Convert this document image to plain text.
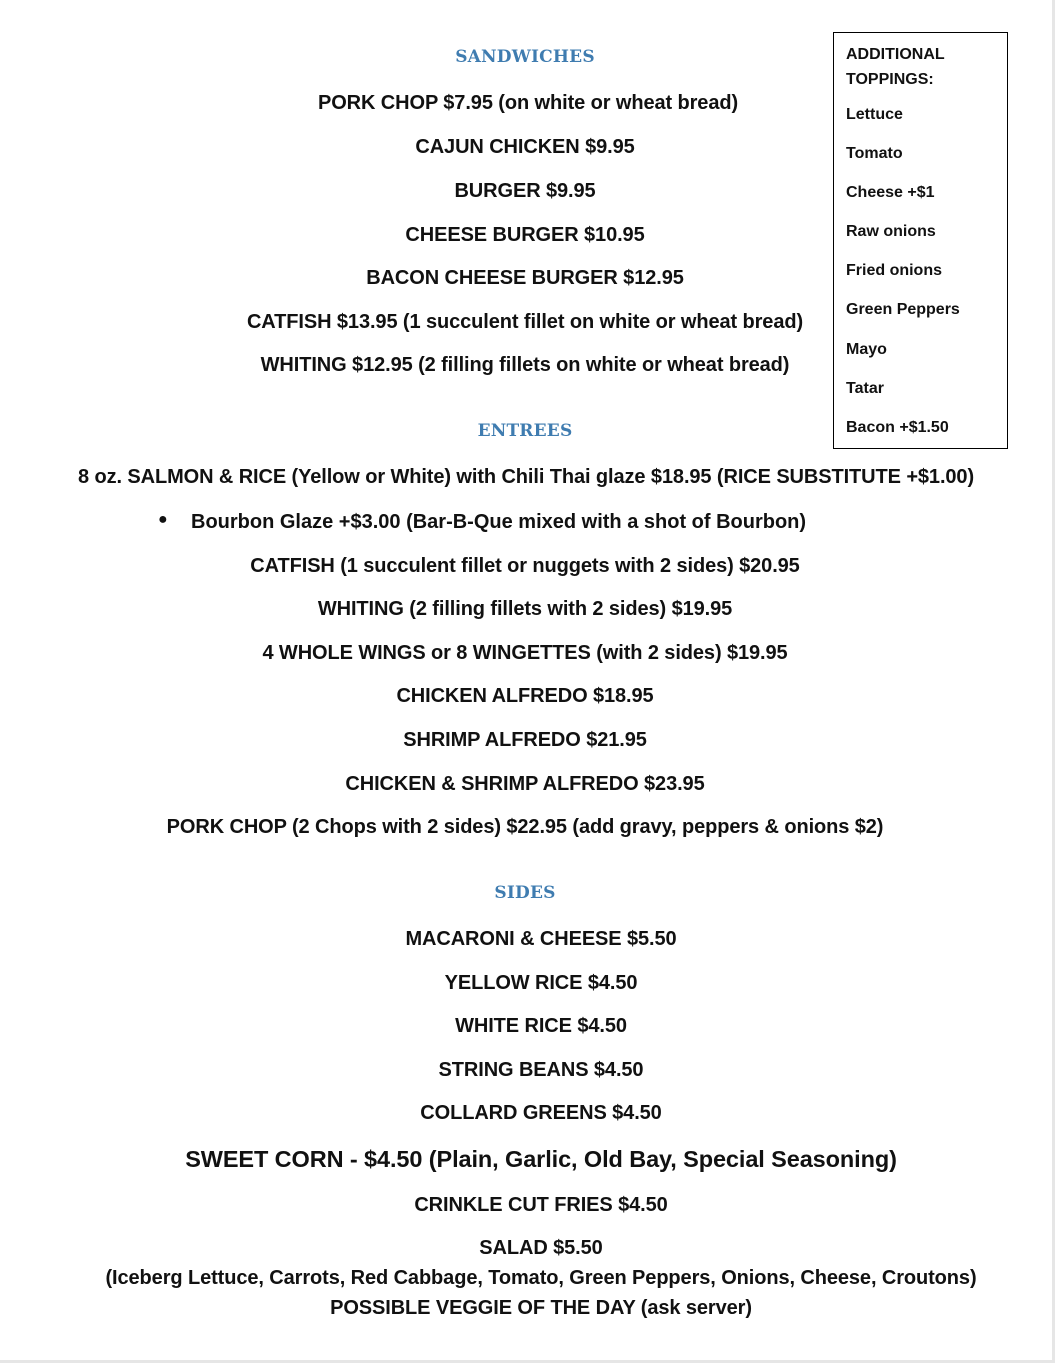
SANDWICHES
PORK CHOP $7.95 (on white or wheat bread)
CAJUN CHICKEN $9.95
BURGER $9.95
CHEESE BURGER $10.95
BACON CHEESE BURGER $12.95
CATFISH $13.95 (1 succulent fillet on white or wheat bread)
WHITING $12.95 (2 filling fillets on white or wheat bread)
ADDITIONAL
TOPPINGS:
Lettuce
Tomato
Cheese +$1
Raw onions
Fried onions
Green Peppers
Mayo
Tatar
Bacon +$1.50
ENTREES
8 oz. SALMON & RICE (Yellow or White) with Chili Thai glaze $18.95 (RICE SUBSTITUTE +$1.00)
● Bourbon Glaze +$3.00 (Bar-B-Que mixed with a shot of Bourbon)
CATFISH (1 succulent fillet or nuggets with 2 sides) $20.95
WHITING (2 filling fillets with 2 sides) $19.95
4 WHOLE WINGS or 8 WINGETTES (with 2 sides) $19.95
CHICKEN ALFREDO $18.95
SHRIMP ALFREDO $21.95
CHICKEN & SHRIMP ALFREDO $23.95
PORK CHOP (2 Chops with 2 sides) $22.95 (add gravy, peppers & onions $2)
SIDES
MACARONI & CHEESE $5.50
YELLOW RICE $4.50
WHITE RICE $4.50
STRING BEANS $4.50
COLLARD GREENS $4.50
SWEET CORN - $4.50 (Plain, Garlic, Old Bay, Special Seasoning)
CRINKLE CUT FRIES $4.50
SALAD $5.50
(Iceberg Lettuce, Carrots, Red Cabbage, Tomato, Green Peppers, Onions, Cheese, Croutons)
POSSIBLE VEGGIE OF THE DAY (ask server)
